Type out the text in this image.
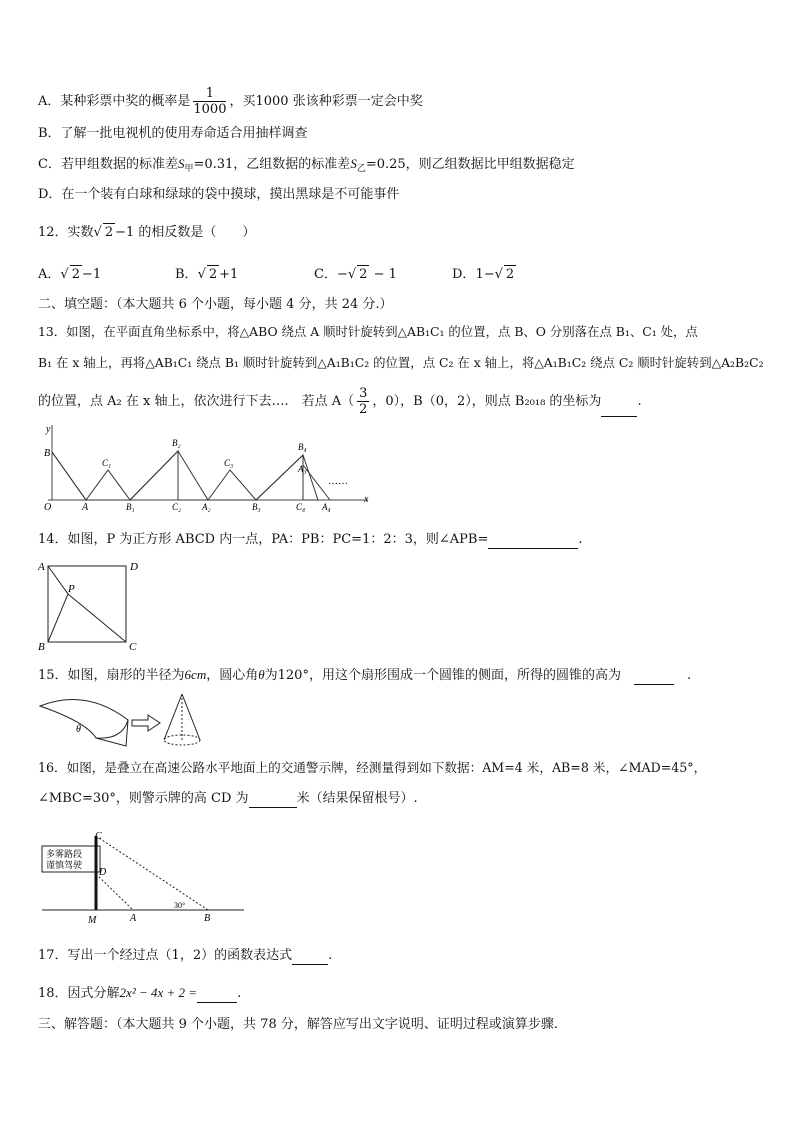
A．某种彩票中奖的概率是 $\frac{1}{1000}$ ，买1000 张该种彩票一定会中奖
B．了解一批电视机的使用寿命适合用抽样调查
C．若甲组数据的标准差$S_甲=0.31$，乙组数据的标准差$S_乙=0.25$，则乙组数据比甲组数据稳定
D．在一个装有白球和绿球的袋中摸球，摸出黑球是不可能事件
12．实数√ 2 −1 的相反数是（　　）
A．√ 2 −1	B．√ 2 +1	C．−√ 2 − 1	D．1−√ 2
二、填空题：（本大题共 6 个小题，每小题 4 分，共 24 分.）
13．如图，在平面直角坐标系中，将△ABO 绕点 A 顺时针旋转到△AB₁C₁ 的位置，点 B、O 分别落在点 B₁、C₁ 处，点
B₁ 在 x 轴上，再将△AB₁C₁ 绕点 B₁ 顺时针旋转到△A₁B₁C₂ 的位置，点 C₂ 在 x 轴上，将△A₁B₁C₂ 绕点 C₂ 顺时针旋转到△A₂B₂C₂
的位置，点 A₂ 在 x 轴上，依次进行下去….　若点 $A( \frac{3}{2}$ ，0），B（0，2），则点 B₂₀₁₈ 的坐标为	.
y
x
O
B
A
C₁
B₁
B₂
C₂ A₂
C₃
B₃
B₄
A₃
C₄ A₄
……
14．如图，P 为正方形 ABCD 内一点，PA：PB：PC=1：2：3，则∠APB=	.
A	D
P
B	C
15．如图，扇形的半径为6cm，圆心角θ为120°，用这个扇形围成一个圆锥的侧面，所得的圆锥的高为　　	.
θ
16．如图，是叠立在高速公路水平地面上的交通警示牌，经测量得到如下数据：AM=4 米，AB=8 米，∠MAD=45°，
∠MBC=30°，则警示牌的高 CD 为	米（结果保留根号）.
多雾路段
谨慎驾驶
C
D
M	A	B
30°
17．写出一个经过点（1，2）的函数表达式	.
18．因式分解2x² − 4x + 2 =	.
三、解答题：（本大题共 9 个小题，共 78 分，解答应写出文字说明、证明过程或演算步骤.
